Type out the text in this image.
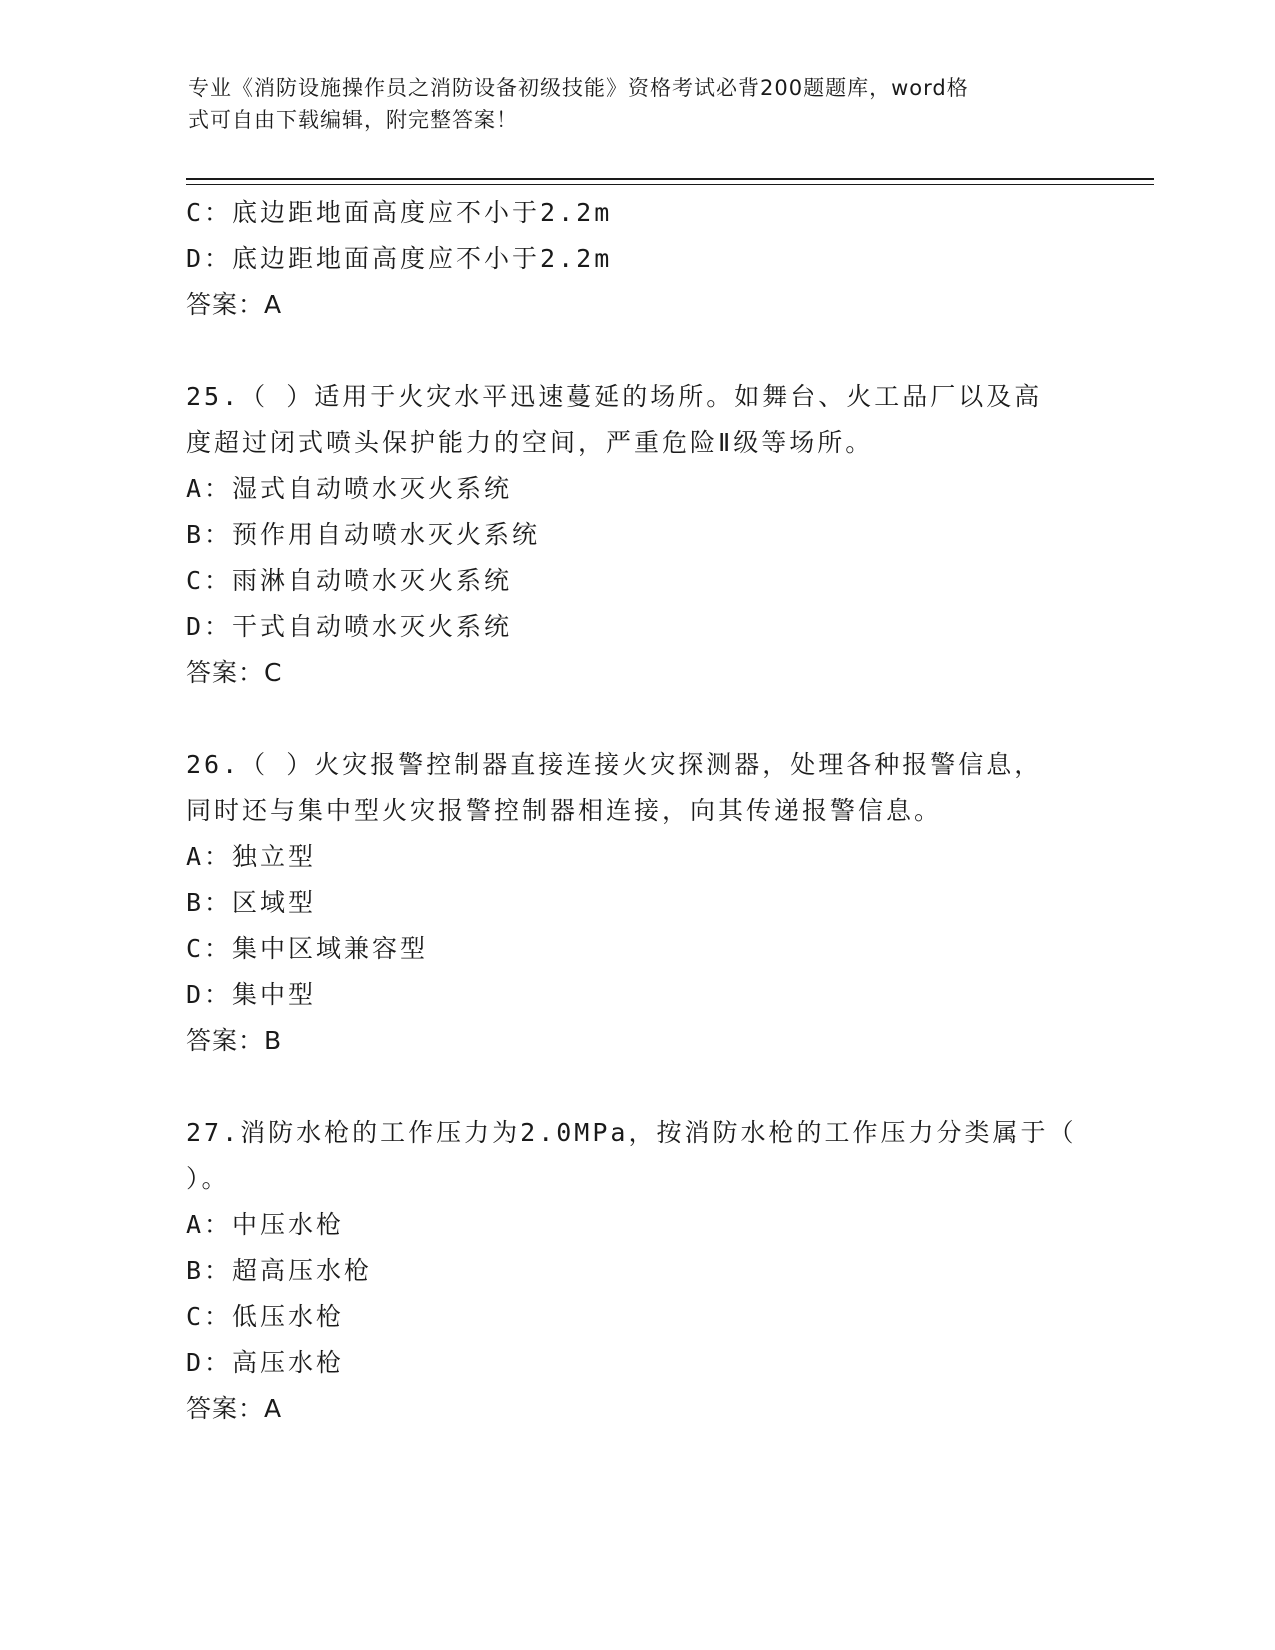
专业《消防设施操作员之消防设备初级技能》资格考试必背200题题库，word格
式可自由下载编辑，附完整答案！
C：底边距地面高度应不小于2.2m
D：底边距地面高度应不小于2.2m
答案：A
25.（ ）适用于火灾水平迅速蔓延的场所。如舞台、火工品厂以及高
度超过闭式喷头保护能力的空间，严重危险Ⅱ级等场所。
A：湿式自动喷水灭火系统
B：预作用自动喷水灭火系统
C：雨淋自动喷水灭火系统
D：干式自动喷水灭火系统
答案：C
26.（ ）火灾报警控制器直接连接火灾探测器，处理各种报警信息，
同时还与集中型火灾报警控制器相连接，向其传递报警信息。
A：独立型
B：区域型
C：集中区域兼容型
D：集中型
答案：B
27.消防水枪的工作压力为2.0MPa，按消防水枪的工作压力分类属于（
）。
A：中压水枪
B：超高压水枪
C：低压水枪
D：高压水枪
答案：A
